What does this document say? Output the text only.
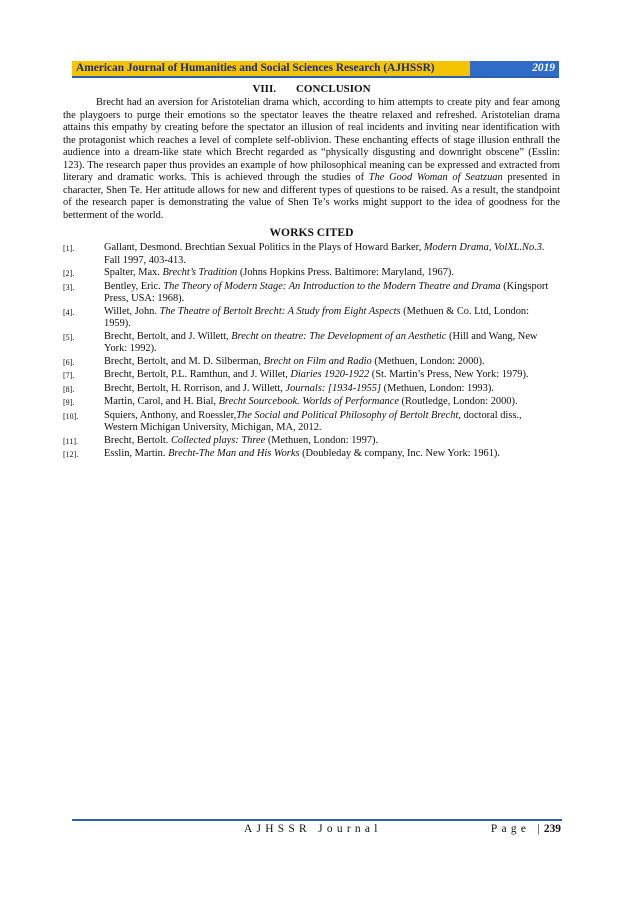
American Journal of Humanities and Social Sciences Research (AJHSSR)	2019
VIII. CONCLUSION

Brecht had an aversion for Aristotelian drama which, according to him attempts to create pity and fear among the playgoers to purge their emotions so the spectator leaves the theatre relaxed and refreshed. Aristotelian drama attains this empathy by creating before the spectator an illusion of real incidents and inviting near identification with the protagonist which reaches a level of complete self-oblivion. These enchanting effects of stage illusion enthrall the audience into a dream-like state which Brecht regarded as “physically disgusting and downright obscene” (Esslin: 123). The research paper thus provides an example of how philosophical meaning can be expressed and extracted from literary and dramatic works. This is achieved through the studies of The Good Woman of Seatzuan presented in character, Shen Te. Her attitude allows for new and different types of questions to be raised. As a result, the standpoint of the research paper is demonstrating the value of Shen Te’s works might support to the idea of goodness for the betterment of the world.

WORKS CITED
[1].	Gallant, Desmond. Brechtian Sexual Politics in the Plays of Howard Barker, Modern Drama, VolXL.No.3. Fall 1997, 403-413.
[2].	Spalter, Max. Brecht’s Tradition (Johns Hopkins Press. Baltimore: Maryland, 1967).
[3].	Bentley, Eric. The Theory of Modern Stage: An Introduction to the Modern Theatre and Drama (Kingsport Press, USA: 1968).
[4].	Willet, John. The Theatre of Bertolt Brecht: A Study from Eight Aspects (Methuen & Co. Ltd, London: 1959).
[5].	Brecht, Bertolt, and J. Willett, Brecht on theatre: The Development of an Aesthetic (Hill and Wang, New York: 1992).
[6].	Brecht, Bertolt, and M. D. Silberman, Brecht on Film and Radio (Methuen, London: 2000).
[7].	Brecht, Bertolt, P.L. Ramthun, and J. Willet, Diaries 1920-1922 (St. Martin’s Press, New York: 1979).
[8].	Brecht, Bertolt, H. Rorrison, and J. Willett, Journals: [1934-1955] (Methuen, London: 1993).
[9].	Martin, Carol, and H. Bial, Brecht Sourcebook. Worlds of Performance (Routledge, London: 2000).
[10].	Squiers, Anthony, and Roessler,The Social and Political Philosophy of Bertolt Brecht, doctoral diss., Western Michigan University, Michigan, MA, 2012.
[11].	Brecht, Bertolt. Collected plays: Three (Methuen, London: 1997).
[12].	Esslin, Martin. Brecht-The Man and His Works (Doubleday & company, Inc. New York: 1961).
AJHSSR Journal	Page |239
